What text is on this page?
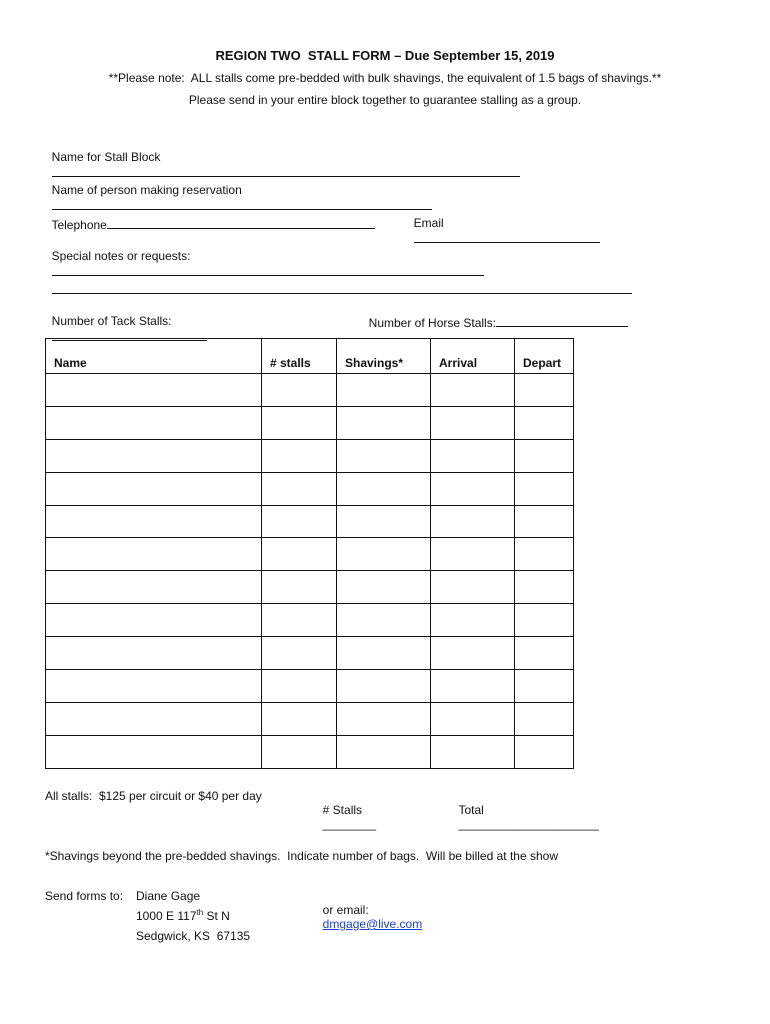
REGION TWO  STALL FORM – Due September 15, 2019
**Please note:  ALL stalls come pre-bedded with bulk shavings, the equivalent of 1.5 bags of shavings.**
Please send in your entire block together to guarantee stalling as a group.

Name for Stall Block

Name of person making reservation

Telephone	Email

Special notes or requests:

Number of Tack Stalls:
	Number of Horse Stalls:

Name	# stalls	Shavings*	Arrival	Depart

All stalls:  $125 per circuit or $40 per day

# Stalls
________

Total
_____________________

*Shavings beyond the pre-bedded shavings.  Indicate number of bags.  Will be billed at the show
Send forms to: Diane Gage
1000 E 117th St N
Sedgwick, KS  67135

or email:
dmgage@live.com
